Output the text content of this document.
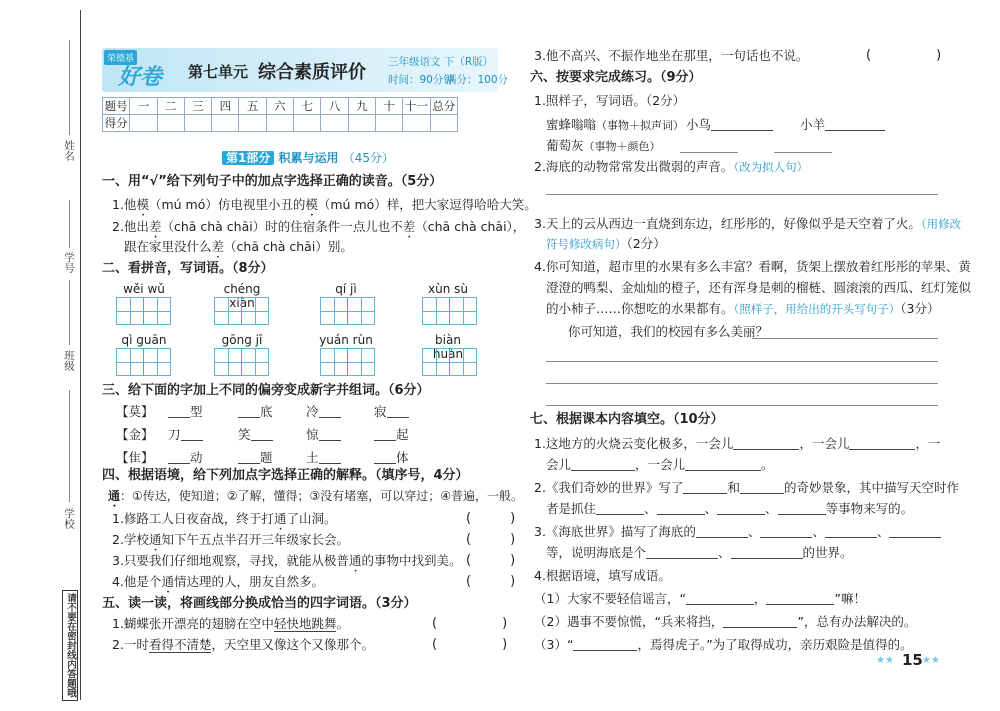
姓名
学号
班级
学校
请不要在密封线内答题哦
荣德基
好卷 第七单元 综合素质评价 三年级语文 下（R版）
时间：90分钟
满分：100分
题号	一	二	三	四	五	六	七	八	九	十	十一	总分
得分												
第1部分 积累与运用 （45分）
一、用“√”给下列句子中的加点字选择正确的读音。（5分）
1.他模（mú mó）仿电视里小丑的模（mú mó）样，把大家逗得哈哈大笑。
2.他出差（chā chà chāi）时的住宿条件一点儿也不差（chā chà chāi），
跟在家里没什么差（chā chà chāi）别。
二、看拼音，写词语。（8分）
wěi wǔ	chéng	qí jì	xùn sù
qì guān	gōng jī	yuán rùn	biàn
三、给下面的字加上不同的偏旁变成新字并组词。（6分）
【莫】	型	底	冷	寂
【金】 刀	笑	惊	起
【隹】	动	题	土	体
四、根据语境，给下列加点字选择正确的解释。（填序号，4分）
通：①传达，使知道；②了解，懂得；③没有堵塞，可以穿过；④普遍，一般。
1.修路工人日夜奋战，终于打通了山洞。	(　　　)
2.学校通知下午五点半召开三年级家长会。	(　　　)
3.只要我们仔细地观察，寻找，就能从极普通的事物中找到美。 (　　　)
4.他是个通情达理的人，朋友自然多。	(　　　)
五、读一读，将画线部分换成恰当的四字词语。（3分）
1.蝴蝶张开漂亮的翅膀在空中轻快地跳舞。	(　　　　　)
2.一时看得不清楚，天空里又像这个又像那个。	(　　　　　)
3.他不高兴、不振作地坐在那里，一句话也不说。	(　　　　　)
六、按要求完成练习。（9分）
1.照样子，写词语。（2分）
蜜蜂嗡嗡（事物＋拟声词） 小鸟	小羊
葡萄灰（事物＋颜色）
2.海底的动物常常发出微弱的声音。（改为拟人句）
3.天上的云从西边一直烧到东边，红彤彤的，好像似乎是天空着了火。（用修改
符号修改病句）（2分）
4.你可知道，超市里的水果有多么丰富？看啊，货架上摆放着红彤彤的苹果、黄
澄澄的鸭梨、金灿灿的橙子，还有浑身是刺的榴梿、圆滚滚的西瓜、红灯笼似
的小柿子……你想吃的水果都有。（照样子，用给出的开头写句子）（3分）
你可知道，我们的校园有多么美丽？
七、根据课本内容填空。（10分）
1.这地方的火烧云变化极多，一会儿	，一会儿	，一
会儿	，一会儿	。
2.《我们奇妙的世界》写了	和	的奇妙景象，其中描写天空时作
者是抓住	、	、	、	等事物来写的。
3.《海底世界》描写了海底的	、	、	、
等，说明海底是个	、	的世界。
4.根据语境，填写成语。
（1）大家不要轻信谣言，“	，	”嘛！
（2）遇事不要惊慌，“兵来将挡，	”，总有办法解决的。
（3）“	，焉得虎子。”为了取得成功，亲历艰险是值得的。
★★ 15 ★★
